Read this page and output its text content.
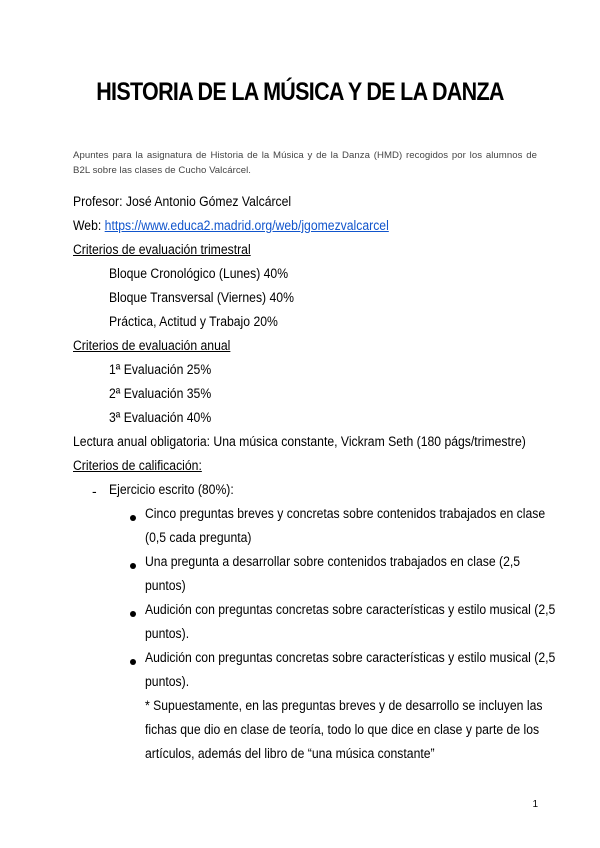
HISTORIA DE LA MÚSICA Y DE LA DANZA
Apuntes para la asignatura de Historia de la Música y de la Danza (HMD) recogidos por los alumnos de B2L sobre las clases de Cucho Valcárcel.
Profesor: José Antonio Gómez Valcárcel
Web: https://www.educa2.madrid.org/web/jgomezvalcarcel
Criterios de evaluación trimestral
Bloque Cronológico (Lunes) 40%
Bloque Transversal (Viernes) 40%
Práctica, Actitud y Trabajo 20%
Criterios de evaluación anual
1ª Evaluación 25%
2ª Evaluación 35%
3ª Evaluación 40%
Lectura anual obligatoria: Una música constante, Vickram Seth (180 págs/trimestre)
Criterios de calificación:
- Ejercicio escrito (80%):
Cinco preguntas breves y concretas sobre contenidos trabajados en clase
(0,5 cada pregunta)
Una pregunta a desarrollar sobre contenidos trabajados en clase (2,5
puntos)
Audición con preguntas concretas sobre características y estilo musical (2,5
puntos).
Audición con preguntas concretas sobre características y estilo musical (2,5
puntos).
* Supuestamente, en las preguntas breves y de desarrollo se incluyen las
fichas que dio en clase de teoría, todo lo que dice en clase y parte de los
artículos, además del libro de “una música constante”
1
